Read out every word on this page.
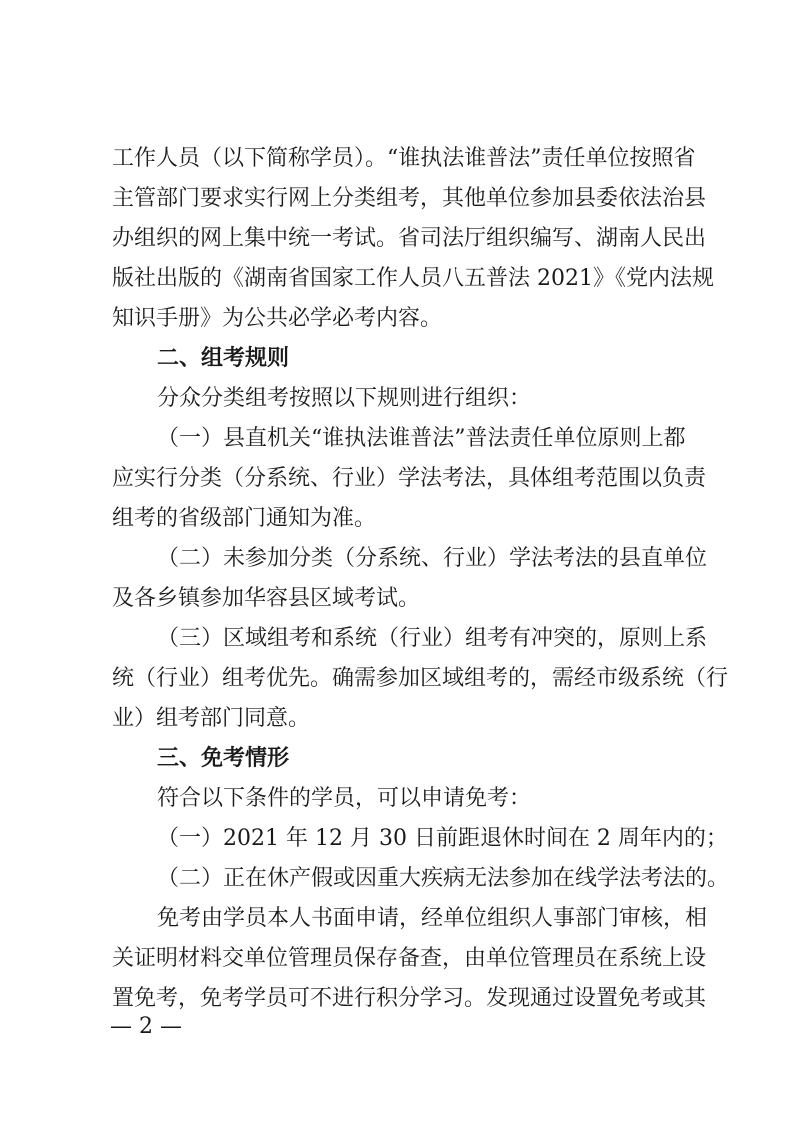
工作人员（以下简称学员）。“谁执法谁普法”责任单位按照省
主管部门要求实行网上分类组考，其他单位参加县委依法治县
办组织的网上集中统一考试。省司法厅组织编写、湖南人民出
版社出版的《湖南省国家工作人员八五普法 2021》《党内法规
知识手册》为公共必学必考内容。
二、组考规则
分众分类组考按照以下规则进行组织：
（一）县直机关“谁执法谁普法”普法责任单位原则上都
应实行分类（分系统、行业）学法考法，具体组考范围以负责
组考的省级部门通知为准。
（二）未参加分类（分系统、行业）学法考法的县直单位
及各乡镇参加华容县区域考试。
（三）区域组考和系统（行业）组考有冲突的，原则上系
统（行业）组考优先。确需参加区域组考的，需经市级系统（行
业）组考部门同意。
三、免考情形
符合以下条件的学员，可以申请免考：
（一）2021 年 12 月 30 日前距退休时间在 2 周年内的；
（二）正在休产假或因重大疾病无法参加在线学法考法的。
免考由学员本人书面申请，经单位组织人事部门审核，相
关证明材料交单位管理员保存备查，由单位管理员在系统上设
置免考，免考学员可不进行积分学习。发现通过设置免考或其
— 2 —
